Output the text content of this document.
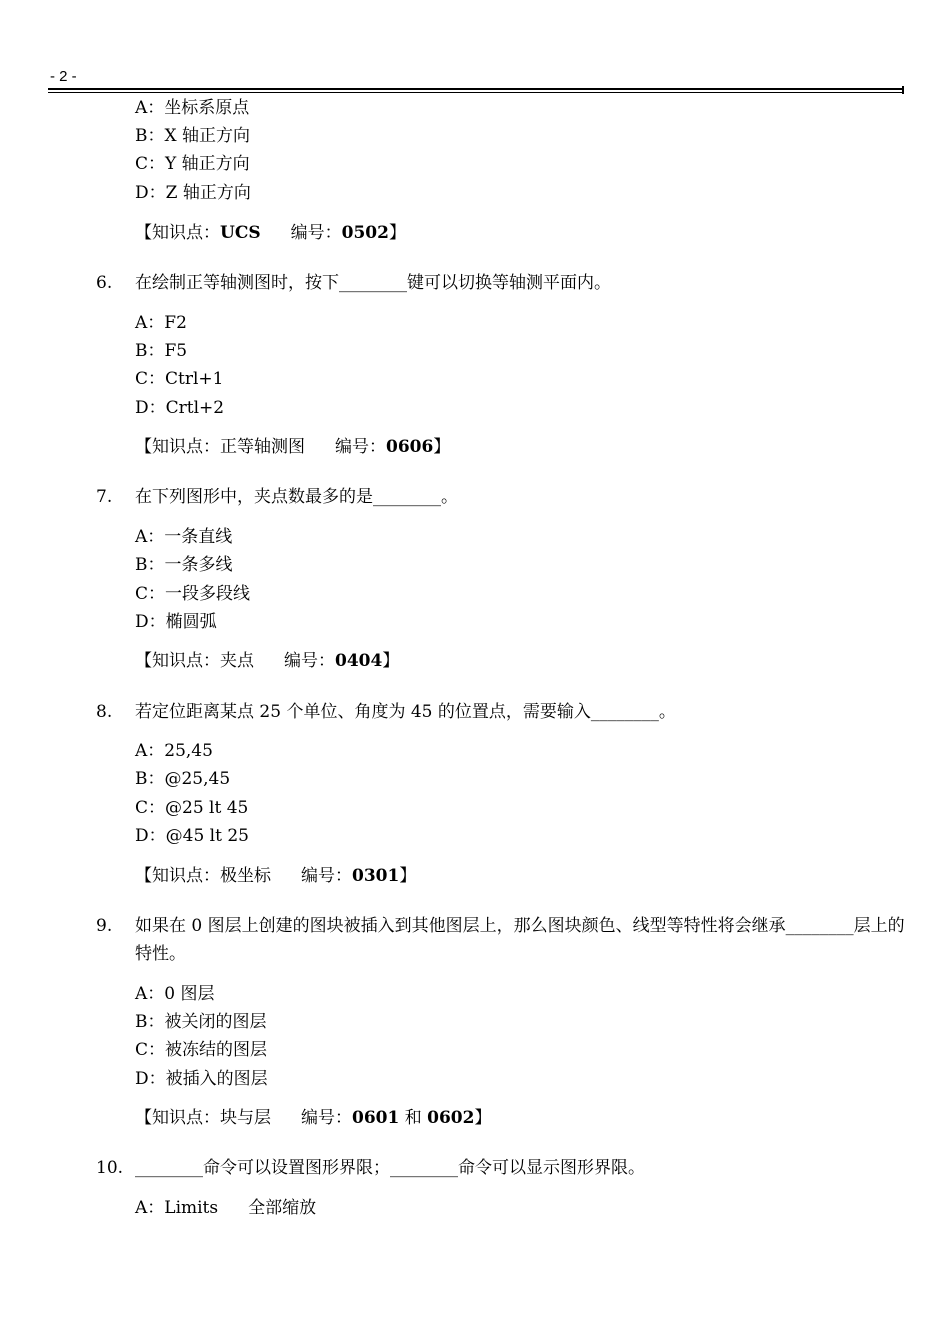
- 2 -
A：坐标系原点
B：X 轴正方向
C：Y 轴正方向
D：Z 轴正方向
【知识点：UCS 编号：0502】
6. 在绘制正等轴测图时，按下________键可以切换等轴测平面内。
A：F2
B：F5
C：Ctrl+1
D：Crtl+2
【知识点：正等轴测图 编号：0606】
7. 在下列图形中，夹点数最多的是________。
A：一条直线
B：一条多线
C：一段多段线
D：椭圆弧
【知识点：夹点 编号：0404】
8. 若定位距离某点 25 个单位、角度为 45 的位置点，需要输入________。
A：25,45
B：@25,45
C：@25 lt 45
D：@45 lt 25
【知识点：极坐标 编号：0301】
9. 如果在 0 图层上创建的图块被插入到其他图层上，那么图块颜色、线型等特性将会继承________层上的特性。
A：0 图层
B：被关闭的图层
C：被冻结的图层
D：被插入的图层
【知识点：块与层 编号：0601 和 0602】
10. ________命令可以设置图形界限；________命令可以显示图形界限。
A：Limits 全部缩放
